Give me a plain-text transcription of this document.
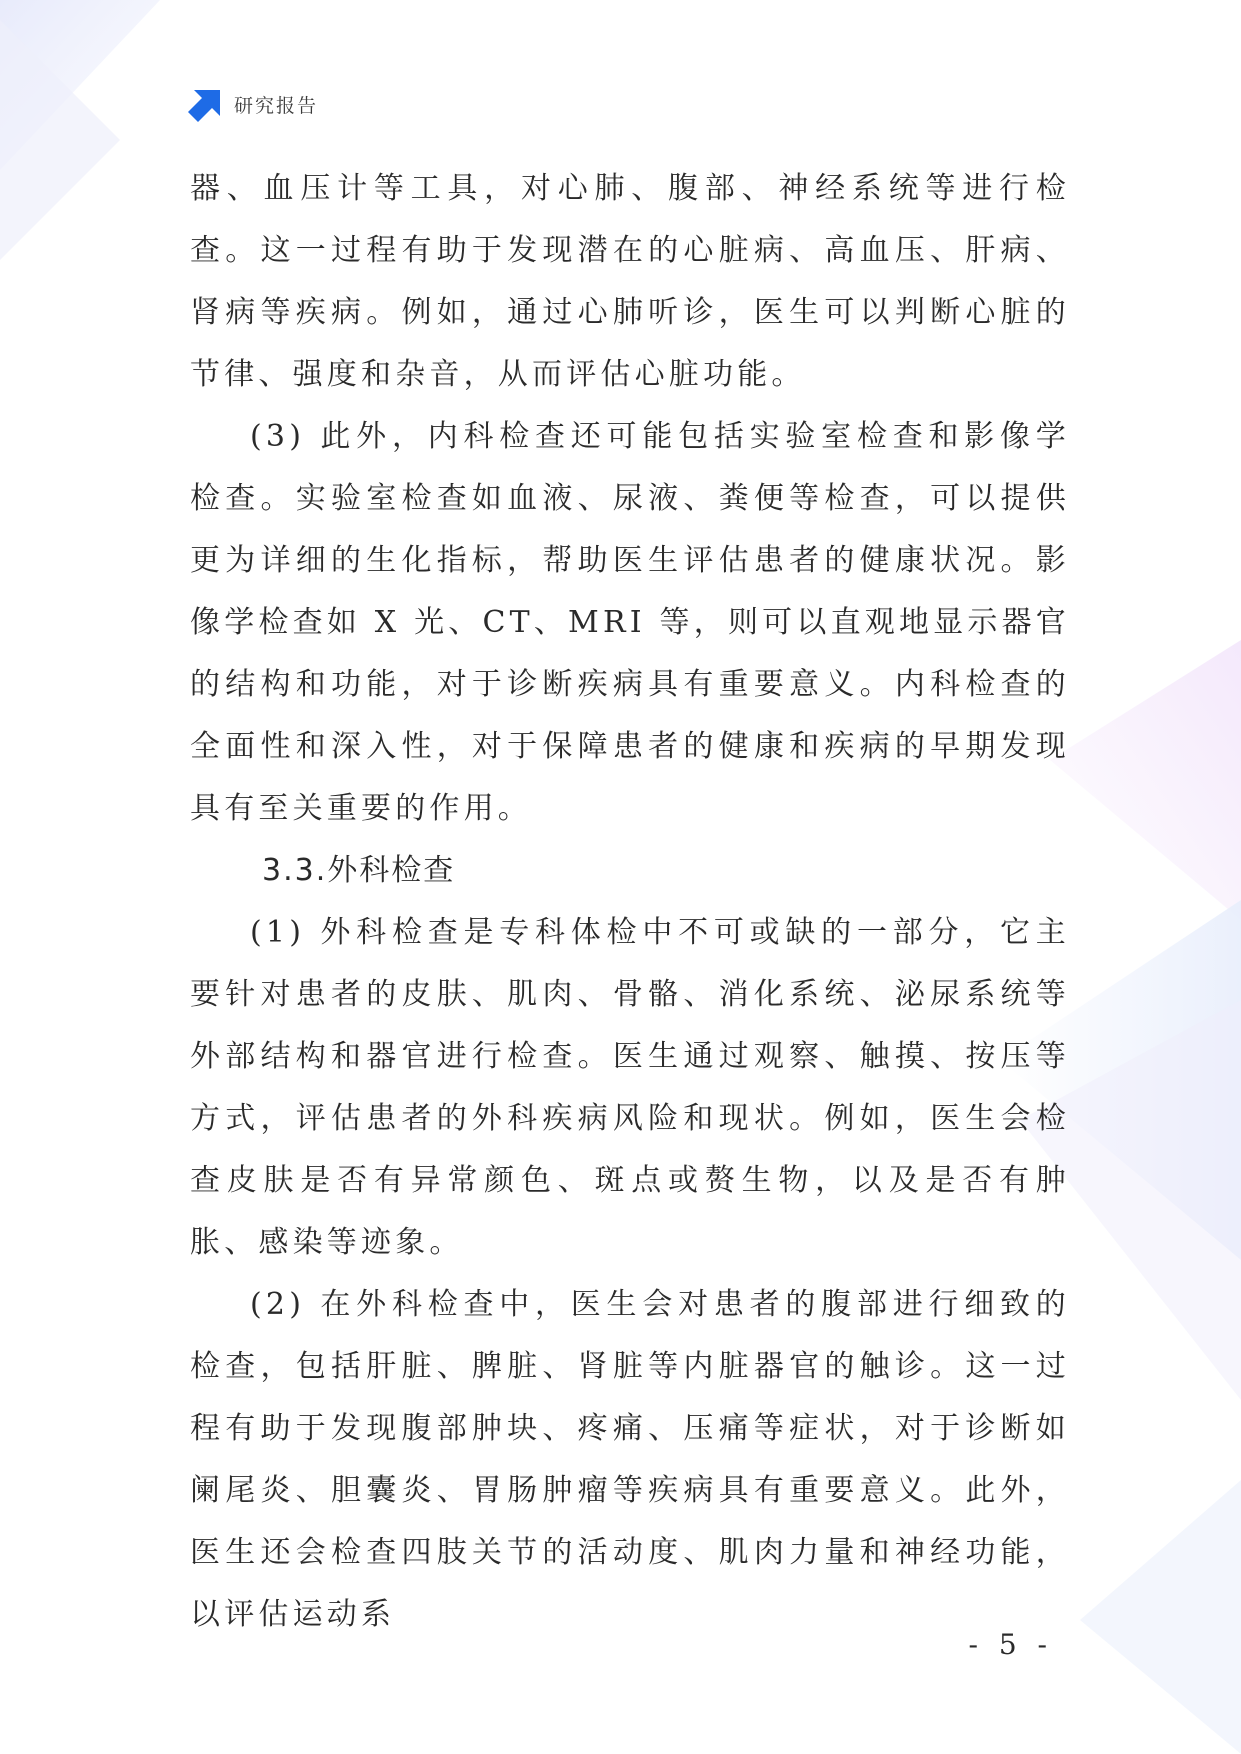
研究报告

器、血压计等工具，对心肺、腹部、神经系统等进行检查。这一过程有助于发现潜在的心脏病、高血压、肝病、肾病等疾病。例如，通过心肺听诊，医生可以判断心脏的节律、强度和杂音，从而评估心脏功能。

(3) 此外，内科检查还可能包括实验室检查和影像学检查。实验室检查如血液、尿液、粪便等检查，可以提供更为详细的生化指标，帮助医生评估患者的健康状况。影像学检查如 X 光、CT、MRI 等，则可以直观地显示器官的结构和功能，对于诊断疾病具有重要意义。内科检查的全面性和深入性，对于保障患者的健康和疾病的早期发现具有至关重要的作用。

3.3.外科检查

(1) 外科检查是专科体检中不可或缺的一部分，它主要针对患者的皮肤、肌肉、骨骼、消化系统、泌尿系统等外部结构和器官进行检查。医生通过观察、触摸、按压等方式，评估患者的外科疾病风险和现状。例如，医生会检查皮肤是否有异常颜色、斑点或赘生物，以及是否有肿胀、感染等迹象。

(2) 在外科检查中，医生会对患者的腹部进行细致的检查，包括肝脏、脾脏、肾脏等内脏器官的触诊。这一过程有助于发现腹部肿块、疼痛、压痛等症状，对于诊断如阑尾炎、胆囊炎、胃肠肿瘤等疾病具有重要意义。此外，医生还会检查四肢关节的活动度、肌肉力量和神经功能，以评估运动系

- 5 -
